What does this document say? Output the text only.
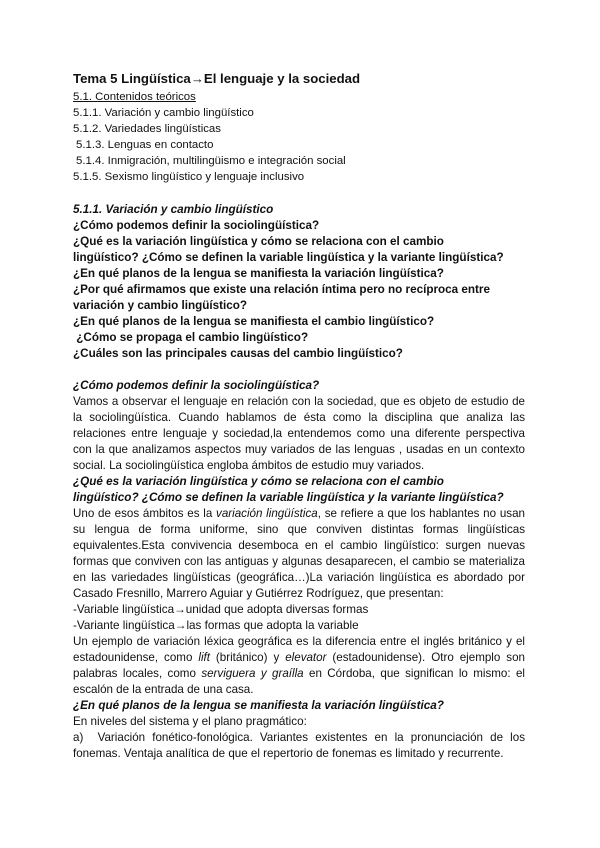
Tema 5 Lingüística→El lenguaje y la sociedad
5.1. Contenidos teóricos
5.1.1. Variación y cambio lingüístico
5.1.2. Variedades lingüísticas
5.1.3. Lenguas en contacto
5.1.4. Inmigración, multilingüismo e integración social
5.1.5. Sexismo lingüístico y lenguaje inclusivo
5.1.1. Variación y cambio lingüístico
¿Cómo podemos definir la sociolingüística?
¿Qué es la variación lingüística y cómo se relaciona con el cambio
lingüístico? ¿Cómo se definen la variable lingüística y la variante lingüística?
¿En qué planos de la lengua se manifiesta la variación lingüística?
¿Por qué afirmamos que existe una relación íntima pero no recíproca entre
variación y cambio lingüístico?
¿En qué planos de la lengua se manifiesta el cambio lingüístico?
¿Cómo se propaga el cambio lingüístico?
¿Cuáles son las principales causas del cambio lingüístico?
¿Cómo podemos definir la sociolingüística?
Vamos a observar el lenguaje en relación con la sociedad, que es objeto de estudio de la sociolingüística. Cuando hablamos de ésta como la disciplina que analiza las relaciones entre lenguaje y sociedad,la entendemos como una diferente perspectiva con la que analizamos aspectos muy variados de las lenguas , usadas en un contexto social. La sociolingüística engloba ámbitos de estudio muy variados.
¿Qué es la variación lingüística y cómo se relaciona con el cambio
lingüístico? ¿Cómo se definen la variable lingüística y la variante lingüística?
Uno de esos ámbitos es la variación lingüística, se refiere a que los hablantes no usan su lengua de forma uniforme, sino que conviven distintas formas lingüísticas equivalentes.Esta convivencia desemboca en el cambio lingüístico: surgen nuevas formas que conviven con las antiguas y algunas desaparecen, el cambio se materializa en las variedades lingüísticas (geográfica…)La variación lingüística es abordado por Casado Fresnillo, Marrero Aguiar y Gutiérrez Rodríguez, que presentan:
-Variable lingüística→unidad que adopta diversas formas
-Variante lingüística→las formas que adopta la variable
Un ejemplo de variación léxica geográfica es la diferencia entre el inglés británico y el estadounidense, como lift (británico) y elevator (estadounidense). Otro ejemplo son palabras locales, como serviguera y graílla en Córdoba, que significan lo mismo: el escalón de la entrada de una casa.
¿En qué planos de la lengua se manifiesta la variación lingüística?
En niveles del sistema y el plano pragmático:
a)  Variación fonético-fonológica. Variantes existentes en la pronunciación de los fonemas. Ventaja analítica de que el repertorio de fonemas es limitado y recurrente.
